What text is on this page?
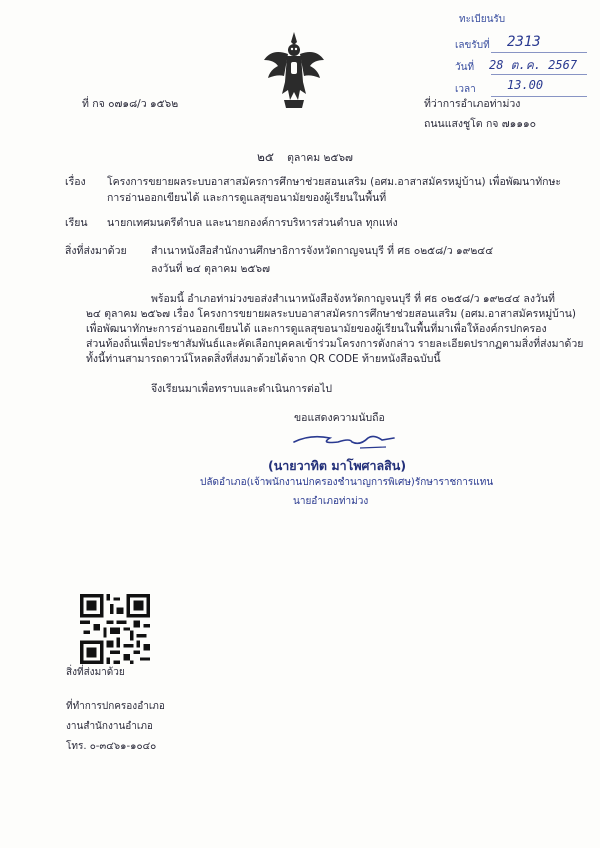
ทะเบียนรับ
เลขรับที่ 2313
วันที่ 28 ต.ค. 2567
เวลา	13.00
ที่ กจ ๐๗๑๘/ว ๑๕๖๒	ที่ว่าการอำเภอท่าม่วง
ถนนแสงชูโต กจ ๗๑๑๑๐
๒๕ ตุลาคม ๒๕๖๗
เรื่อง โครงการขยายผลระบบอาสาสมัครการศึกษาช่วยสอนเสริม (อศม.อาสาสมัครหมู่บ้าน) เพื่อพัฒนาทักษะ
การอ่านออกเขียนได้ และการดูแลสุขอนามัยของผู้เรียนในพื้นที่
เรียน นายกเทศมนตรีตำบล และนายกองค์การบริหารส่วนตำบล ทุกแห่ง
สิ่งที่ส่งมาด้วย สำเนาหนังสือสำนักงานศึกษาธิการจังหวัดกาญจนบุรี ที่ ศธ ๐๒๕๘/ว ๑๙๒๔๔
ลงวันที่ ๒๔ ตุลาคม ๒๕๖๗
พร้อมนี้ อำเภอท่าม่วงขอส่งสำเนาหนังสือจังหวัดกาญจนบุรี ที่ ศธ ๐๒๕๘/ว ๑๙๒๔๔ ลงวันที่
๒๔ ตุลาคม ๒๕๖๗ เรื่อง โครงการขยายผลระบบอาสาสมัครการศึกษาช่วยสอนเสริม (อศม.อาสาสมัครหมู่บ้าน)
เพื่อพัฒนาทักษะการอ่านออกเขียนได้ และการดูแลสุขอนามัยของผู้เรียนในพื้นที่มาเพื่อให้องค์กรปกครอง
ส่วนท้องถิ่นเพื่อประชาสัมพันธ์และคัดเลือกบุคคลเข้าร่วมโครงการดังกล่าว รายละเอียดปรากฏตามสิ่งที่ส่งมาด้วย
ทั้งนี้ท่านสามารถดาวน์โหลดสิ่งที่ส่งมาด้วยได้จาก QR CODE ท้ายหนังสือฉบับนี้
จึงเรียนมาเพื่อทราบและดำเนินการต่อไป
ขอแสดงความนับถือ
(นายวาทิต มาโพศาลสิน)
ปลัดอำเภอ(เจ้าพนักงานปกครองชำนาญการพิเศษ)รักษาราชการแทน
นายอำเภอท่าม่วง
สิ่งที่ส่งมาด้วย
ที่ทำการปกครองอำเภอ
งานสำนักงานอำเภอ
โทร. ๐-๓๔๖๑-๑๐๔๐
